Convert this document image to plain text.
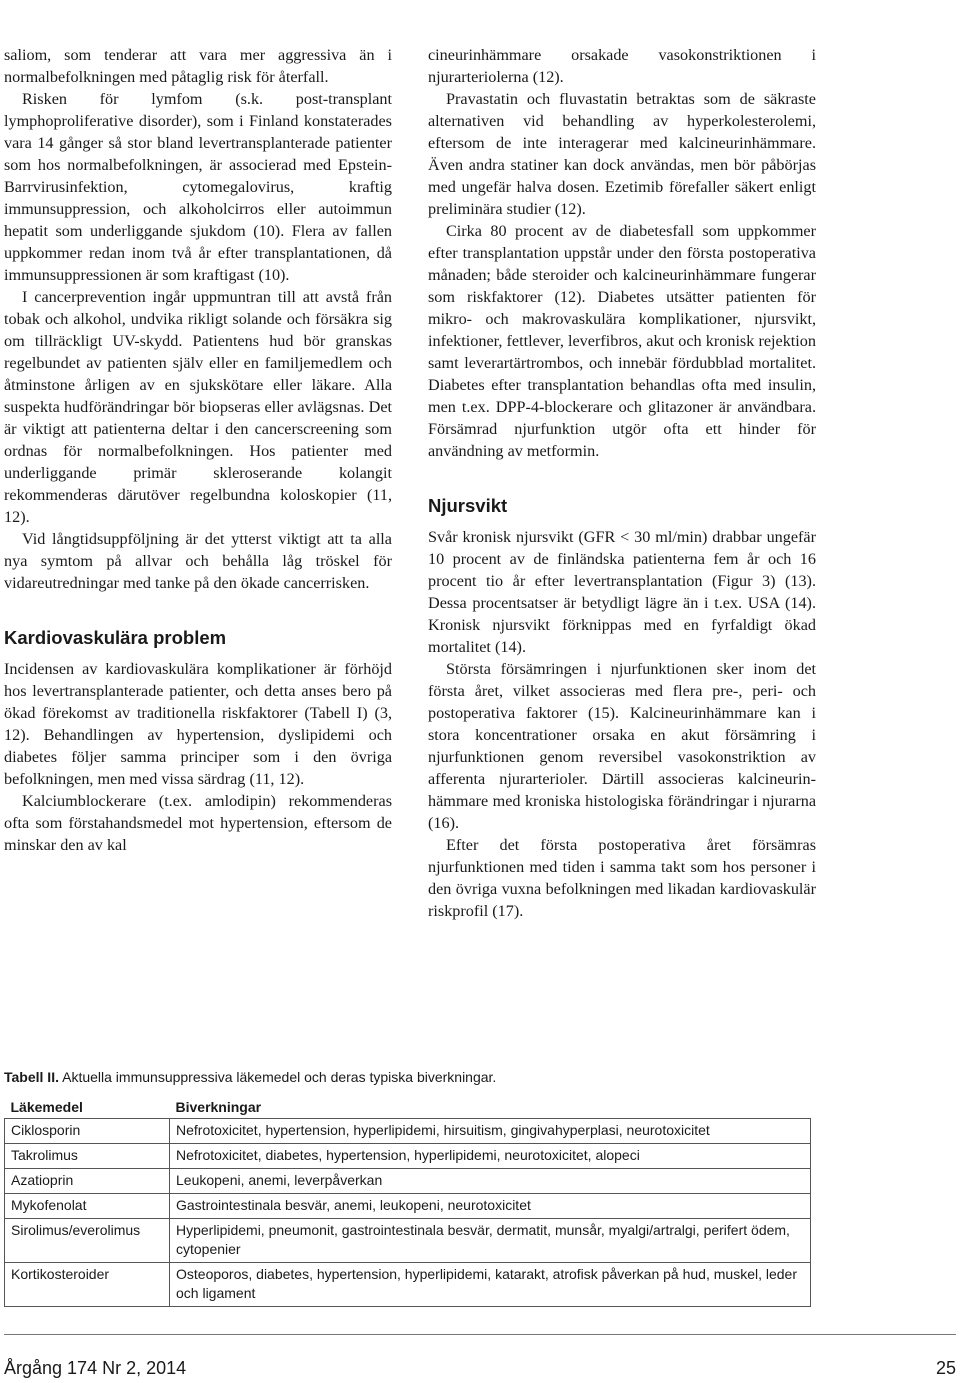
saliom, som tenderar att vara mer aggressiva än i normalbefolkningen med påtaglig risk för återfall.

Risken för lymfom (s.k. post-transplant lymphoproliferative disorder), som i Finland konstaterades vara 14 gånger så stor bland levertransplanterade patienter som hos normalbefolkningen, är associerad med Epstein-Barrvirusinfektion, cytomegalovirus, kraftig immunsuppression, och alkoholcirros eller autoimmun hepatit som underliggande sjukdom (10). Flera av fallen uppkommer redan inom två år efter transplantationen, då immunsuppressionen är som kraftigast (10).

I cancerprevention ingår uppmuntran till att avstå från tobak och alkohol, undvika rikligt solande och försäkra sig om tillräckligt UV-skydd. Patientens hud bör granskas regelbundet av patienten själv eller en familjemedlem och åtminstone årligen av en sjukskötare eller läkare. Alla suspekta hudförändringar bör biopseras eller avlägsnas. Det är viktigt att patienterna deltar i den cancerscreening som ordnas för normalbefolkningen. Hos patienter med underliggande primär skleroserande kolangit rekommenderas därutöver regelbundna koloskopier (11, 12).

Vid långtidsuppföljning är det ytterst viktigt att ta alla nya symtom på allvar och behålla låg tröskel för vidareutredningar med tanke på den ökade cancerrisken.

Kardiovaskulära problem

Incidensen av kardiovaskulära komplikationer är förhöjd hos levertransplanterade patienter, och detta anses bero på ökad förekomst av traditionella riskfaktorer (Tabell I) (3, 12). Behandlingen av hypertension, dyslipidemi och diabetes följer samma principer som i den övriga befolkningen, men med vissa särdrag (11, 12).

Kalciumblockerare (t.ex. amlodipin) rekommenderas ofta som förstahandsmedel mot hypertension, eftersom de minskar den av kal

cineurinhämmare orsakade vasokonstriktionen i njurarteriolerna (12).

Pravastatin och fluvastatin betraktas som de säkraste alternativen vid behandling av hyperkolesterolemi, eftersom de inte interagerar med kalcineurinhämmare. Även andra statiner kan dock användas, men bör påbörjas med ungefär halva dosen. Ezetimib förefaller säkert enligt preliminära studier (12).

Cirka 80 procent av de diabetesfall som uppkommer efter transplantation uppstår under den första postoperativa månaden; både steroider och kalcineurinhämmare fungerar som riskfaktorer (12). Diabetes utsätter patienten för mikro- och makrovaskulära komplikationer, njursvikt, infektioner, fettlever, leverfibros, akut och kronisk rejektion samt leverartärtrombos, och innebär fördubblad mortalitet. Diabetes efter transplantation behandlas ofta med insulin, men t.ex. DPP-4-blockerare och glitazoner är användbara. Försämrad njurfunktion utgör ofta ett hinder för användning av metformin.

Njursvikt

Svår kronisk njursvikt (GFR < 30 ml/min) drabbar ungefär 10 procent av de finländska patienterna fem år och 16 procent tio år efter levertransplantation (Figur 3) (13). Dessa procentsatser är betydligt lägre än i t.ex. USA (14). Kronisk njursvikt förknippas med en fyrfaldigt ökad mortalitet (14).

Största försämringen i njurfunktionen sker inom det första året, vilket associeras med flera pre-, peri- och postoperativa faktorer (15). Kalcineurinhämmare kan i stora koncentrationer orsaka en akut försämring i njurfunktionen genom reversibel vasokonstriktion av afferenta njurarterioler. Därtill associeras kalcineurinhämmare med kroniska histologiska förändringar i njurarna (16).

Efter det första postoperativa året försämras njurfunktionen med tiden i samma takt som hos personer i den övriga vuxna befolkningen med likadan kardiovaskulär riskprofil (17).

Tabell II. Aktuella immunsuppressiva läkemedel och deras typiska biverkningar.
Läkemedel	Biverkningar
Ciklosporin	Nefrotoxicitet, hypertension, hyperlipidemi, hirsuitism, gingivahyperplasi, neurotoxicitet
Takrolimus	Nefrotoxicitet, diabetes, hypertension, hyperlipidemi, neurotoxicitet, alopeci
Azatioprin	Leukopeni, anemi, leverpåverkan
Mykofenolat	Gastrointestinala besvär, anemi, leukopeni, neurotoxicitet
Sirolimus/everolimus	Hyperlipidemi, pneumonit, gastrointestinala besvär, dermatit, munsår, myalgi/artralgi, perifert ödem, cytopenier
Kortikosteroider	Osteoporos, diabetes, hypertension, hyperlipidemi, katarakt, atrofisk påverkan på hud, muskel, leder och ligament
Årgång 174 Nr 2, 2014	25
